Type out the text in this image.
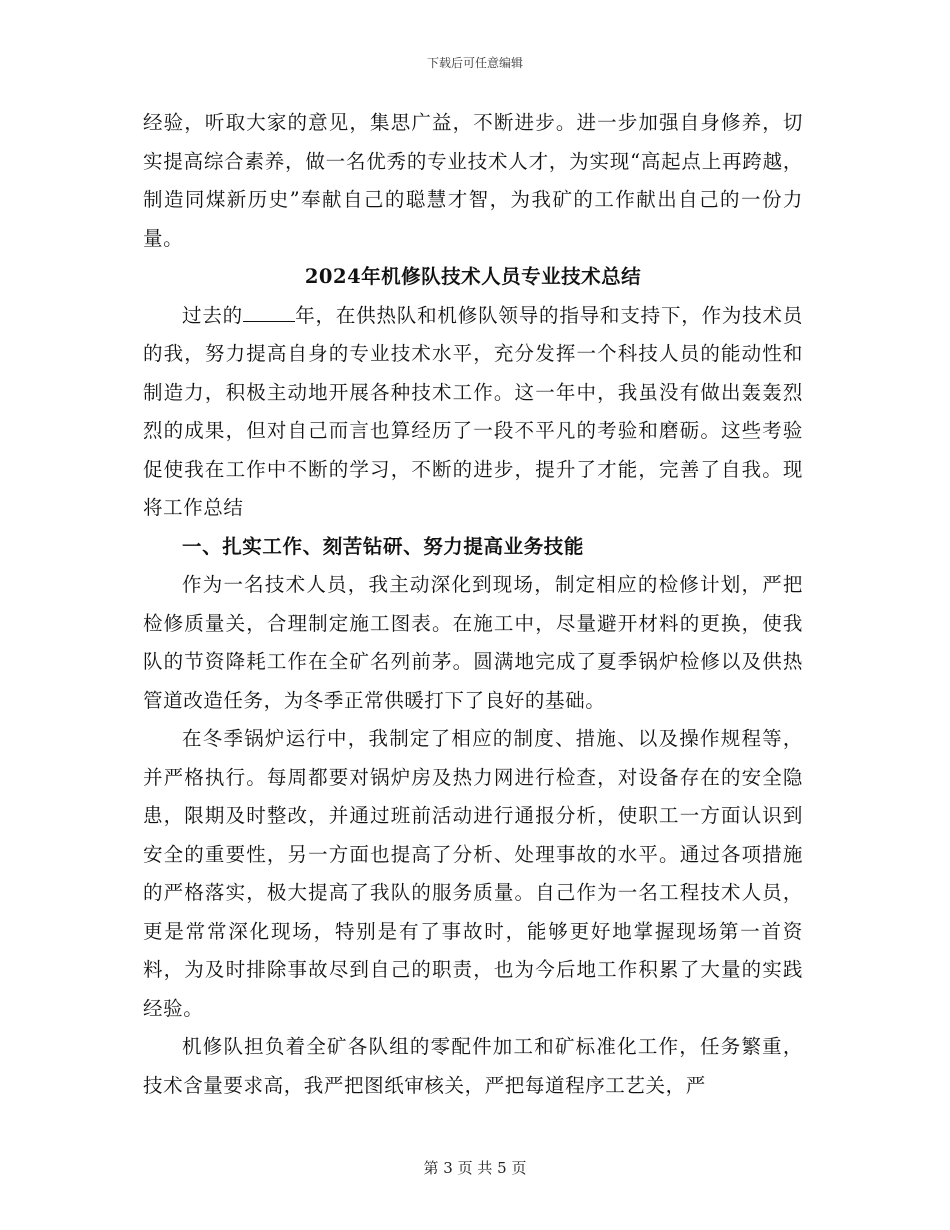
下载后可任意编辑

经验，听取大家的意见，集思广益，不断进步。进一步加强自身修养，切实提高综合素养，做一名优秀的专业技术人才，为实现“高起点上再跨越，制造同煤新历史”奉献自己的聪慧才智，为我矿的工作献出自己的一份力量。

2024年机修队技术人员专业技术总结

过去的	年，在供热队和机修队领导的指导和支持下，作为技术员的我，努力提高自身的专业技术水平，充分发挥一个科技人员的能动性和制造力，积极主动地开展各种技术工作。这一年中，我虽没有做出轰轰烈烈的成果，但对自己而言也算经历了一段不平凡的考验和磨砺。这些考验促使我在工作中不断的学习，不断的进步，提升了才能，完善了自我。现将工作总结

一、扎实工作、刻苦钻研、努力提高业务技能

作为一名技术人员，我主动深化到现场，制定相应的检修计划，严把检修质量关，合理制定施工图表。在施工中，尽量避开材料的更换，使我队的节资降耗工作在全矿名列前茅。圆满地完成了夏季锅炉检修以及供热管道改造任务，为冬季正常供暖打下了良好的基础。

在冬季锅炉运行中，我制定了相应的制度、措施、以及操作规程等，并严格执行。每周都要对锅炉房及热力网进行检查，对设备存在的安全隐患，限期及时整改，并通过班前活动进行通报分析，使职工一方面认识到安全的重要性，另一方面也提高了分析、处理事故的水平。通过各项措施的严格落实，极大提高了我队的服务质量。自己作为一名工程技术人员，更是常常深化现场，特别是有了事故时，能够更好地掌握现场第一首资料，为及时排除事故尽到自己的职责，也为今后地工作积累了大量的实践经验。

机修队担负着全矿各队组的零配件加工和矿标准化工作，任务繁重，技术含量要求高，我严把图纸审核关，严把每道程序工艺关，严

第 3 页 共 5 页
